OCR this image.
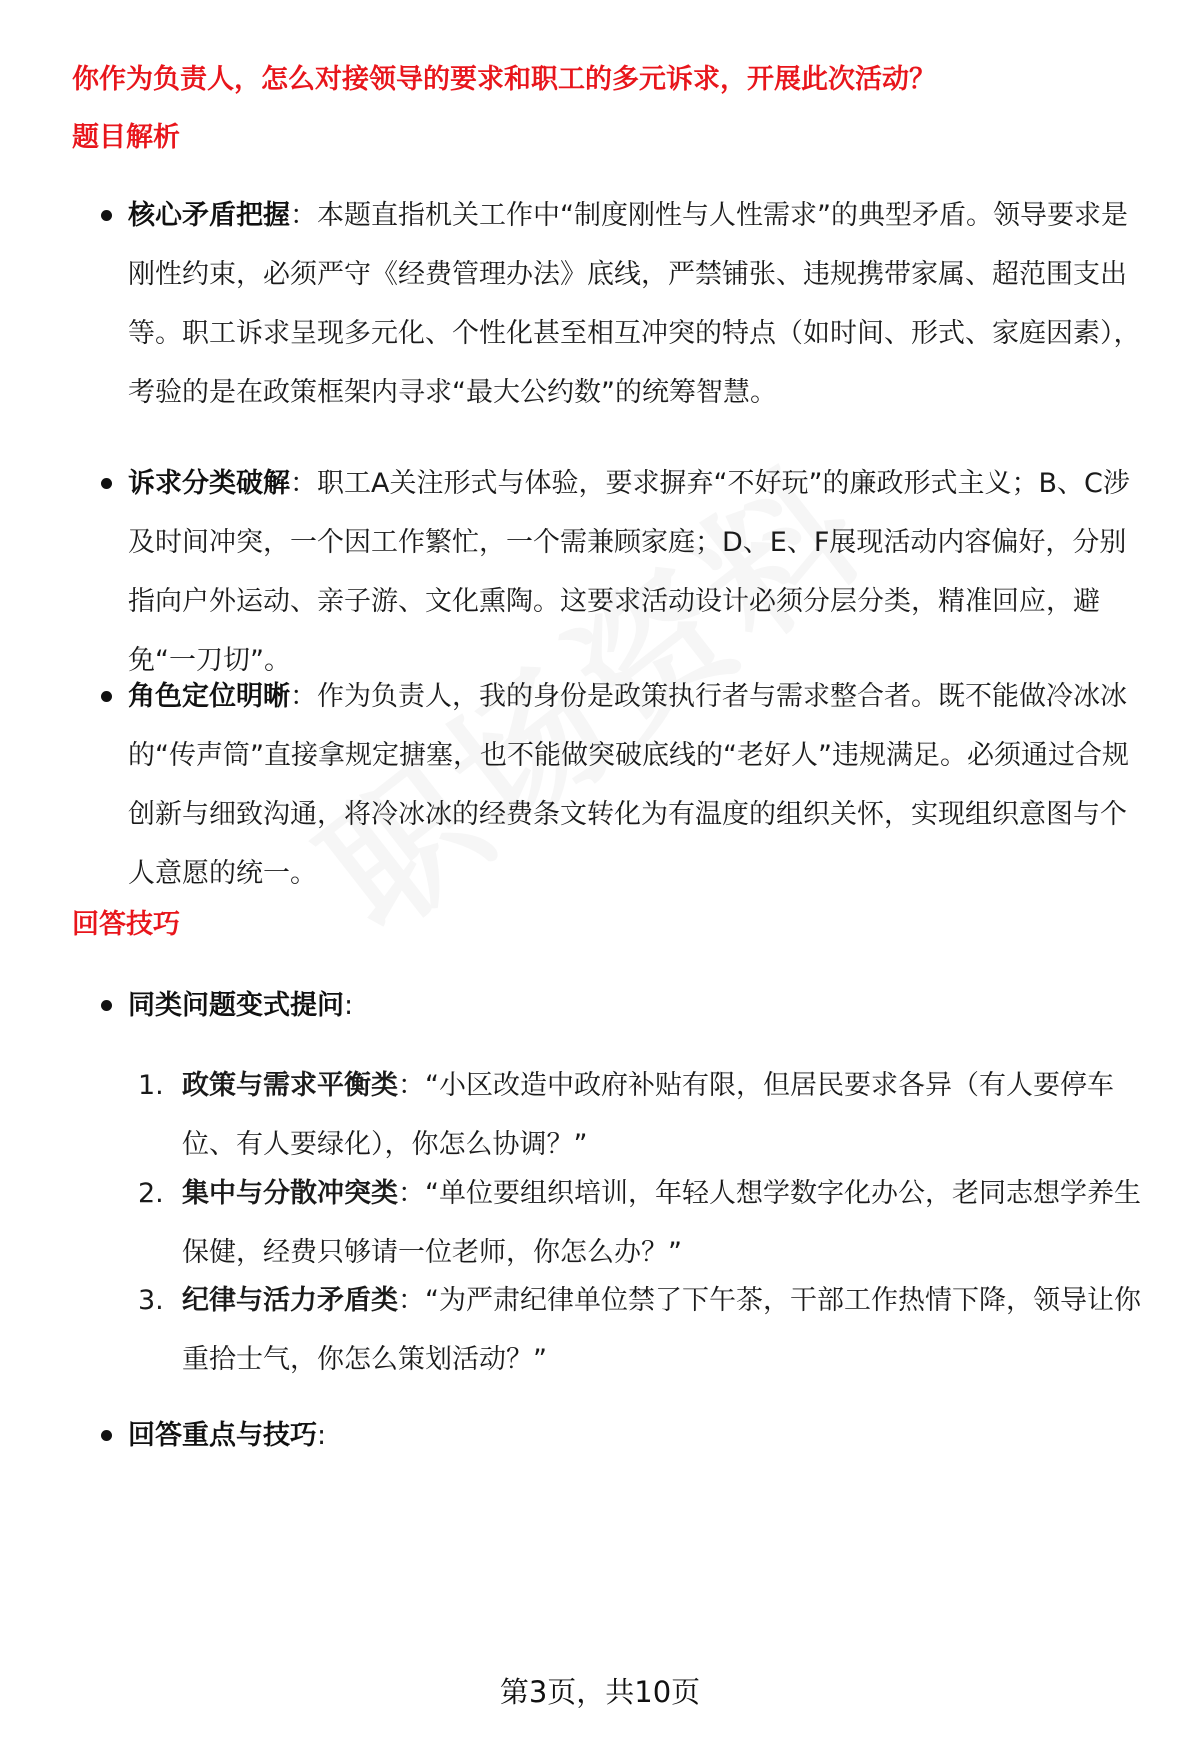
你作为负责人，怎么对接领导的要求和职工的多元诉求，开展此次活动？
题目解析

核心矛盾把握：本题直指机关工作中“制度刚性与人性需求”的典型矛盾。领导要求是刚性约束，必须严守《经费管理办法》底线，严禁铺张、违规携带家属、超范围支出等。职工诉求呈现多元化、个性化甚至相互冲突的特点（如时间、形式、家庭因素），考验的是在政策框架内寻求“最大公约数”的统筹智慧。

诉求分类破解：职工A关注形式与体验，要求摒弃“不好玩”的廉政形式主义；B、C涉及时间冲突，一个因工作繁忙，一个需兼顾家庭；D、E、F展现活动内容偏好，分别指向户外运动、亲子游、文化熏陶。这要求活动设计必须分层分类，精准回应，避免“一刀切”。

角色定位明晰：作为负责人，我的身份是政策执行者与需求整合者。既不能做冷冰冰的“传声筒”直接拿规定搪塞，也不能做突破底线的“老好人”违规满足。必须通过合规创新与细致沟通，将冷冰冰的经费条文转化为有温度的组织关怀，实现组织意图与个人意愿的统一。

回答技巧

同类问题变式提问:

1. 政策与需求平衡类：“小区改造中政府补贴有限，但居民要求各异（有人要停车位、有人要绿化），你怎么协调？”

2. 集中与分散冲突类：“单位要组织培训，年轻人想学数字化办公，老同志想学养生保健，经费只够请一位老师，你怎么办？”

3. 纪律与活力矛盾类：“为严肃纪律单位禁了下午茶，干部工作热情下降，领导让你重拾士气，你怎么策划活动？”

回答重点与技巧:

第3页，共10页
